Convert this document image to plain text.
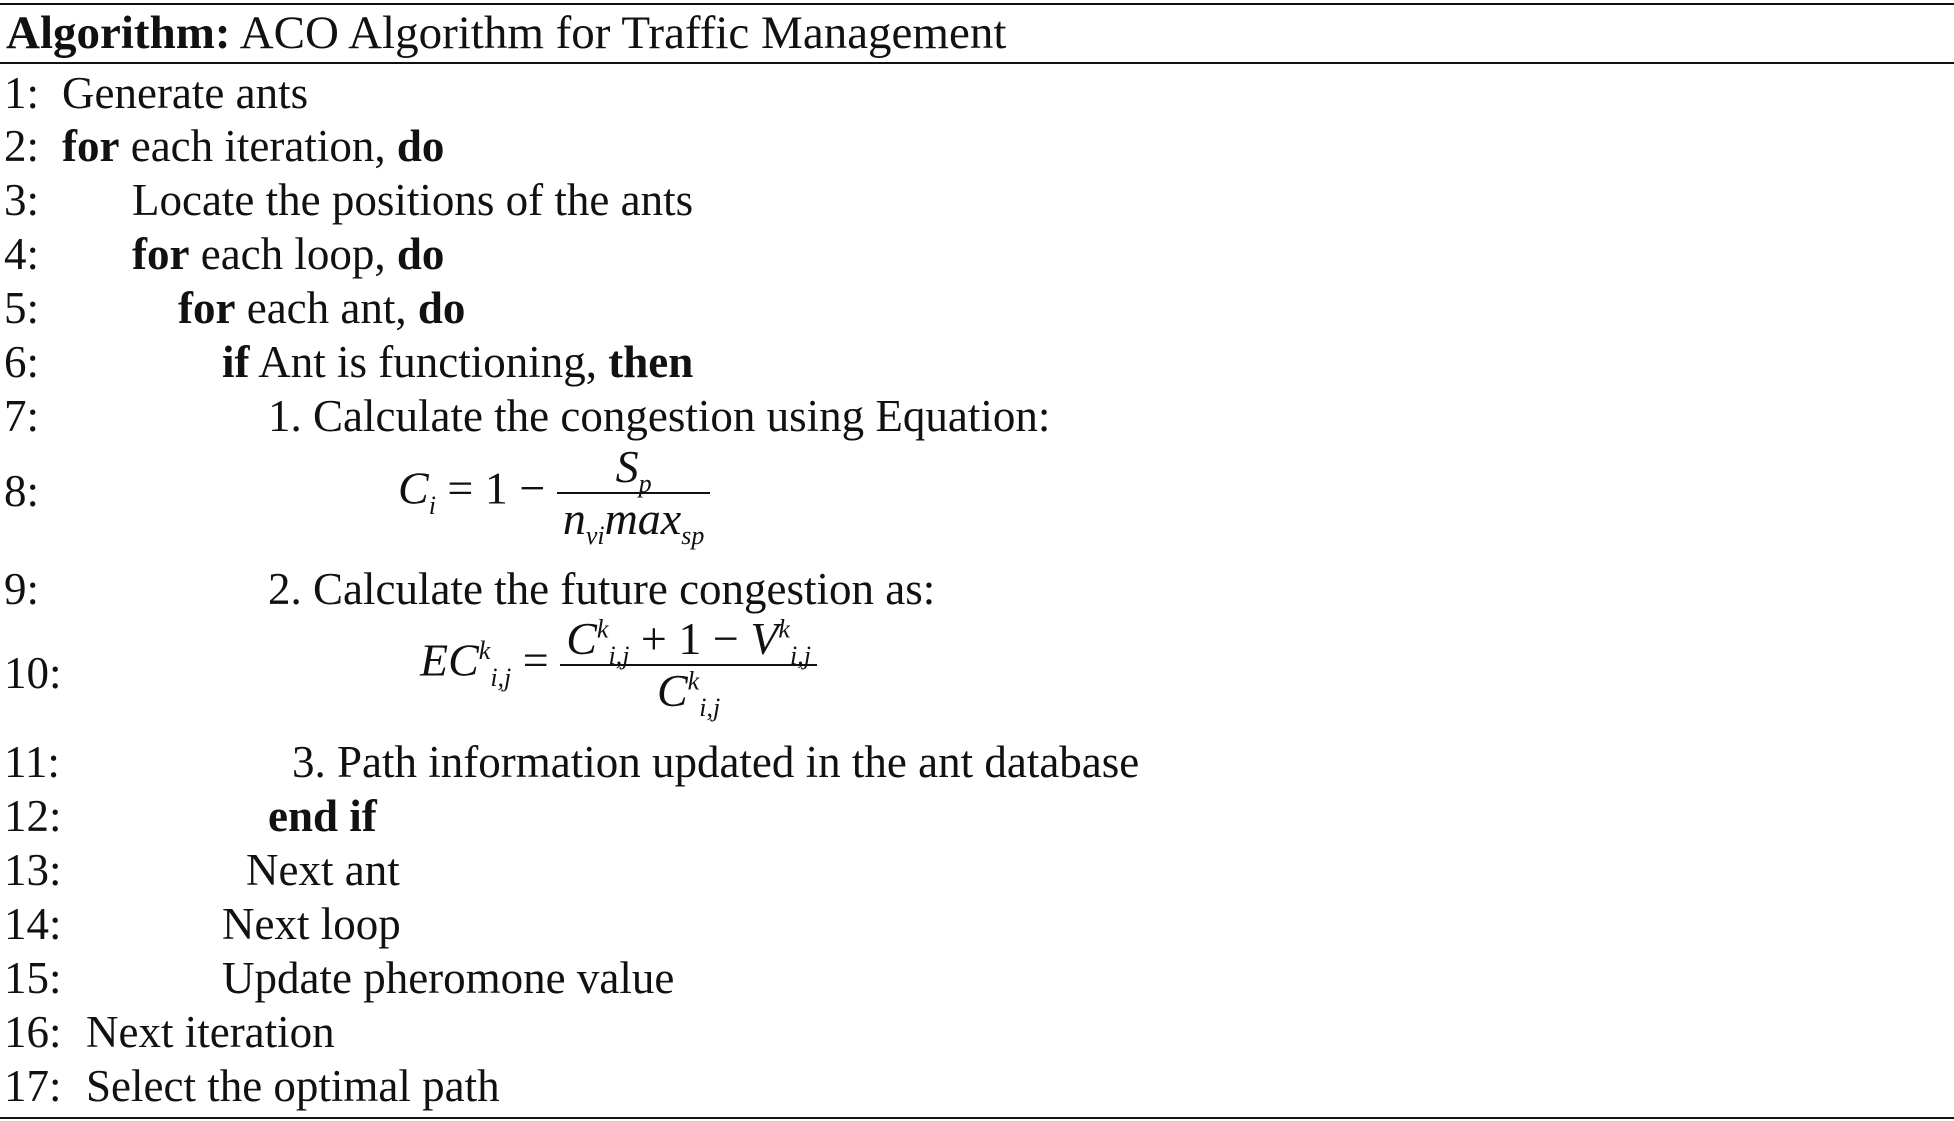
Algorithm: ACO Algorithm for Traffic Management
1: Generate ants
2: for each iteration, do
3: Locate the positions of the ants
4: for each loop, do
5:	for each ant, do
6:	if Ant is functioning, then
7:	1. Calculate the congestion using Equation:
8:	$C_i = 1 - \frac{S_p}{n_{vi}\max_{sp}}$
9:	2. Calculate the future congestion as:
10:	$EC^k_{i,j} = \frac{C^k_{i,j} + 1 - V^k_{i,j}}{C^k_{i,j}}$
11:	3. Path information updated in the ant database
12:	end if
13:	Next ant
14:	Next loop
15:	Update pheromone value
16: Next iteration
17: Select the optimal path
